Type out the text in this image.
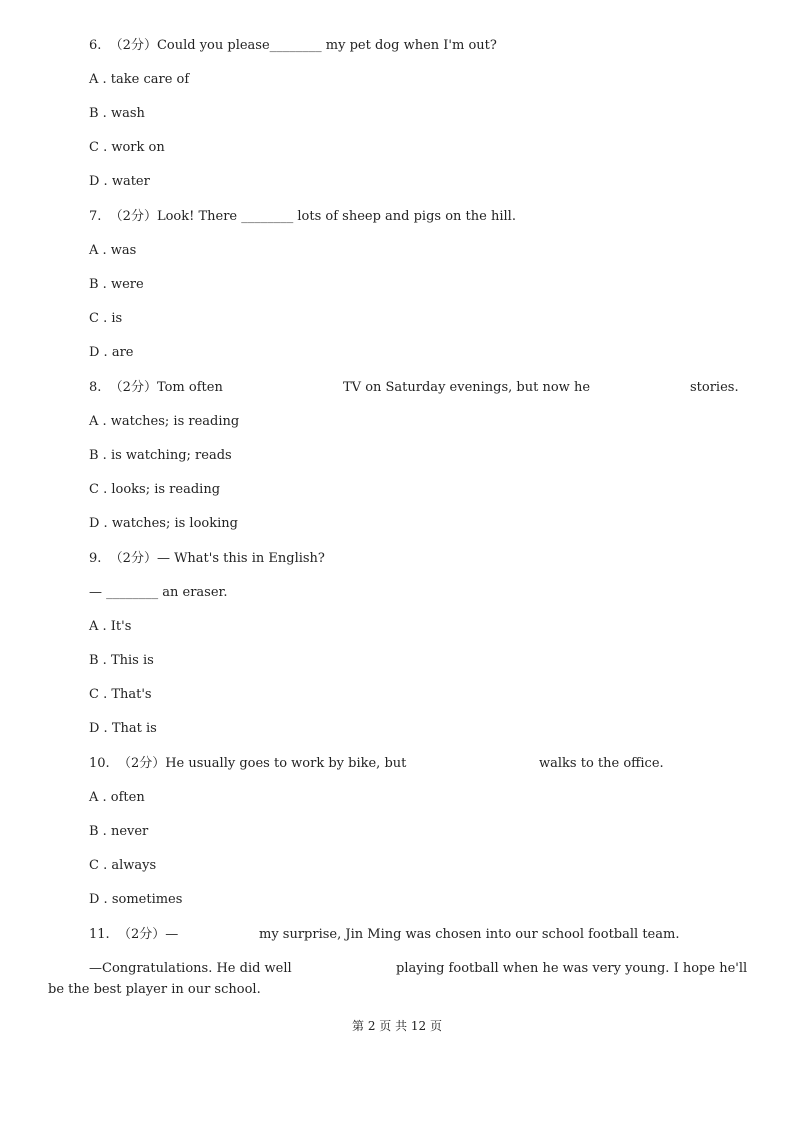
6.  （2分）Could you please________ my pet dog when I'm out?
A . take care of
B . wash
C . work on
D . water
7.  （2分）Look! There ________ lots of sheep and pigs on the hill.
A . was
B . were
C . is
D . are
8.  （2分）Tom often	TV on Saturday evenings, but now he	stories.
A . watches; is reading
B . is watching; reads
C . looks; is reading
D . watches; is looking
9.  （2分）— What's this in English?
— ________ an eraser.
A . It's
B . This is
C . That's
D . That is
10.  （2分）He usually goes to work by bike, but	walks to the office.
A . often
B . never
C . always
D . sometimes
11.  （2分）—	my surprise, Jin Ming was chosen into our school football team.
—Congratulations. He did well	playing football when he was very young. I hope he'll
be the best player in our school.
第 2 页 共 12 页
